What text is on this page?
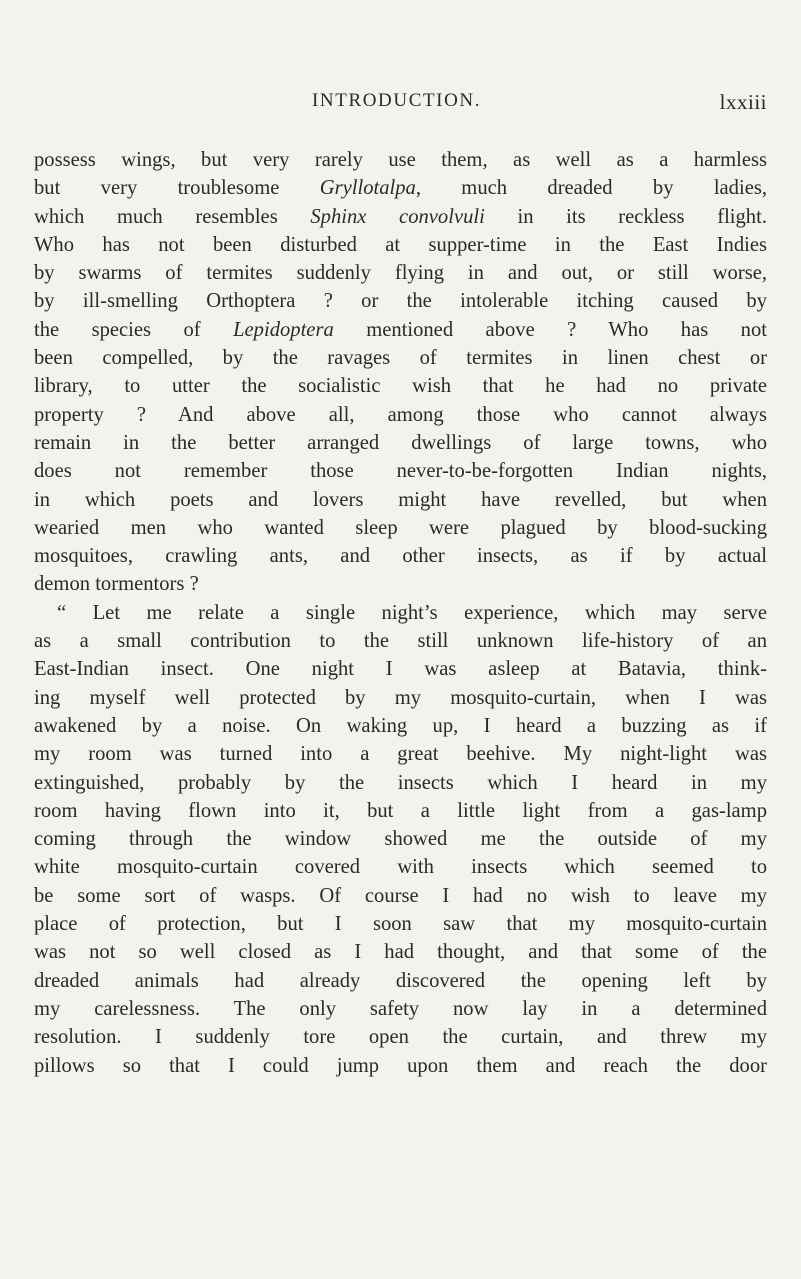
INTRODUCTION.	lxxiii
possess wings, but very rarely use them, as well as a harmless
but very troublesome Gryllotalpa, much dreaded by ladies,
which much resembles Sphinx convolvuli in its reckless flight.
Who has not been disturbed at supper-time in the East Indies
by swarms of termites suddenly flying in and out, or still worse,
by ill-smelling Orthoptera ? or the intolerable itching caused by
the species of Lepidoptera mentioned above ? Who has not
been compelled, by the ravages of termites in linen chest or
library, to utter the socialistic wish that he had no private
property ? And above all, among those who cannot always
remain in the better arranged dwellings of large towns, who
does not remember those never-to-be-forgotten Indian nights,
in which poets and lovers might have revelled, but when
wearied men who wanted sleep were plagued by blood-sucking
mosquitoes, crawling ants, and other insects, as if by actual
demon tormentors ?
“ Let me relate a single night’s experience, which may serve
as a small contribution to the still unknown life-history of an
East-Indian insect. One night I was asleep at Batavia, think-
ing myself well protected by my mosquito-curtain, when I was
awakened by a noise. On waking up, I heard a buzzing as if
my room was turned into a great beehive. My night-light was
extinguished, probably by the insects which I heard in my
room having flown into it, but a little light from a gas-lamp
coming through the window showed me the outside of my
white mosquito-curtain covered with insects which seemed to
be some sort of wasps. Of course I had no wish to leave my
place of protection, but I soon saw that my mosquito-curtain
was not so well closed as I had thought, and that some of the
dreaded animals had already discovered the opening left by
my carelessness. The only safety now lay in a determined
resolution. I suddenly tore open the curtain, and threw my
pillows so that I could jump upon them and reach the door
